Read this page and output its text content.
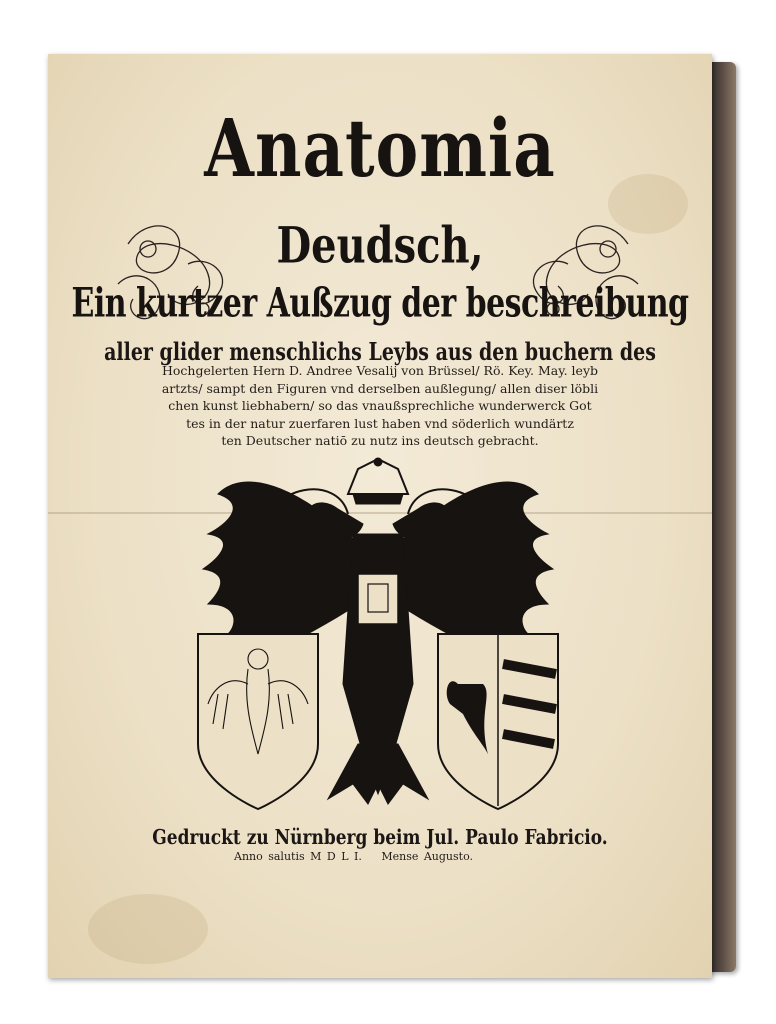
Anatomia
Deudsch,
Ein kurtzer Außzug der beschreibung
aller glider menschlichs Leybs aus den buchern des
Hochgelerten Hern D. Andree Vesalij von Brüssel/ Rö. Key. May. leyb
artzts/ sampt den Figuren vnd derselben außlegung/ allen diser löbli
chen kunst liebhabern/ so das vnaußsprechliche wunderwerck Got
tes in der natur zuerfaren lust haben vnd söderlich wundärtz
ten Deutscher natiō zu nutz ins deutsch gebracht.
Gedruckt zu Nürnberg beim Jul. Paulo Fabricio.
Anno salutis M D L I. Mense Augusto.
